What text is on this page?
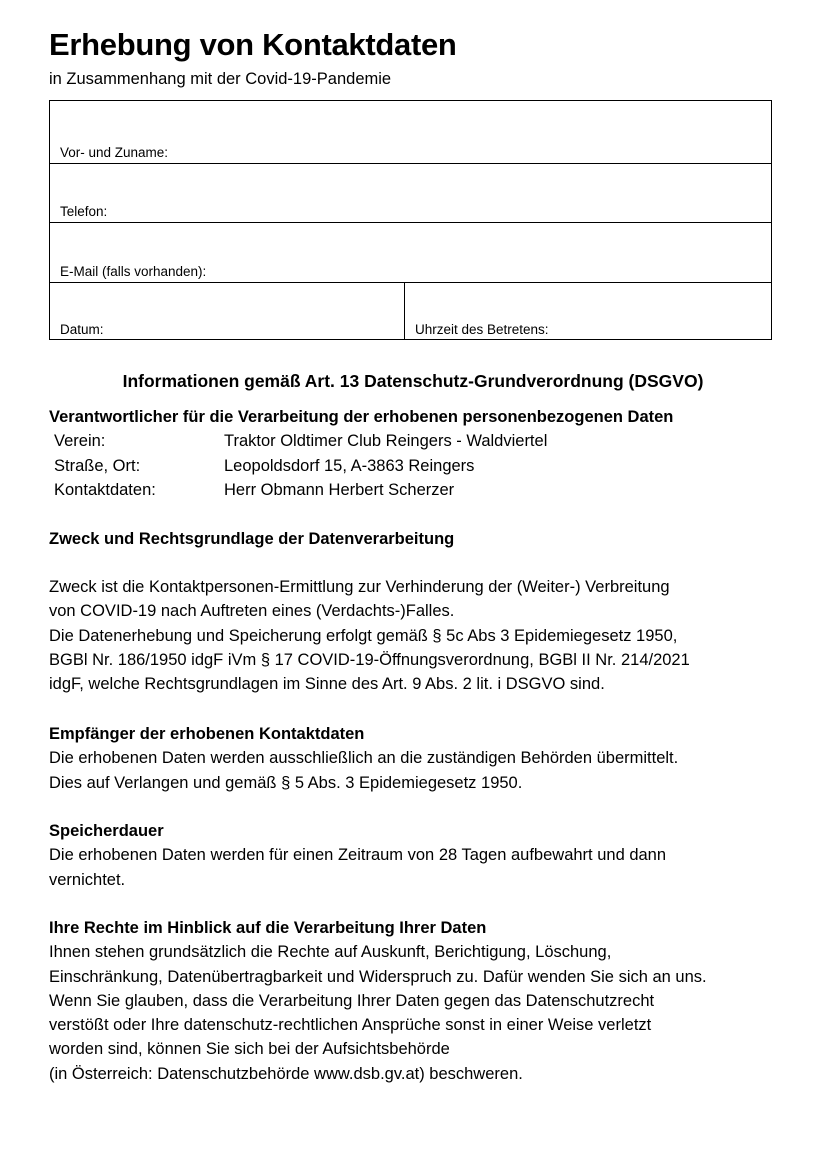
Erhebung von Kontaktdaten
in Zusammenhang mit der Covid-19-Pandemie
Vor- und Zuname:
Telefon:
E-Mail (falls vorhanden):
Datum:	Uhrzeit des Betretens:
Informationen gemäß Art. 13 Datenschutz-Grundverordnung (DSGVO)
Verantwortlicher für die Verarbeitung der erhobenen personenbezogenen Daten
Verein:	Traktor Oldtimer Club Reingers - Waldviertel
Straße, Ort:	Leopoldsdorf 15, A-3863 Reingers
Kontaktdaten:	Herr Obmann Herbert Scherzer
Zweck und Rechtsgrundlage der Datenverarbeitung
Zweck ist die Kontaktpersonen-Ermittlung zur Verhinderung der (Weiter-) Verbreitung
von COVID-19 nach Auftreten eines (Verdachts-)Falles.
Die Datenerhebung und Speicherung erfolgt gemäß § 5c Abs 3 Epidemiegesetz 1950,
BGBl Nr. 186/1950 idgF iVm § 17 COVID-19-Öffnungsverordnung, BGBl II Nr. 214/2021
idgF, welche Rechtsgrundlagen im Sinne des Art. 9 Abs. 2 lit. i DSGVO sind.
Empfänger der erhobenen Kontaktdaten
Die erhobenen Daten werden ausschließlich an die zuständigen Behörden übermittelt.
Dies auf Verlangen und gemäß § 5 Abs. 3 Epidemiegesetz 1950.
Speicherdauer
Die erhobenen Daten werden für einen Zeitraum von 28 Tagen aufbewahrt und dann
vernichtet.
Ihre Rechte im Hinblick auf die Verarbeitung Ihrer Daten
Ihnen stehen grundsätzlich die Rechte auf Auskunft, Berichtigung, Löschung,
Einschränkung, Datenübertragbarkeit und Widerspruch zu. Dafür wenden Sie sich an uns.
Wenn Sie glauben, dass die Verarbeitung Ihrer Daten gegen das Datenschutzrecht
verstößt oder Ihre datenschutz-rechtlichen Ansprüche sonst in einer Weise verletzt
worden sind, können Sie sich bei der Aufsichtsbehörde
(in Österreich: Datenschutzbehörde www.dsb.gv.at) beschweren.
